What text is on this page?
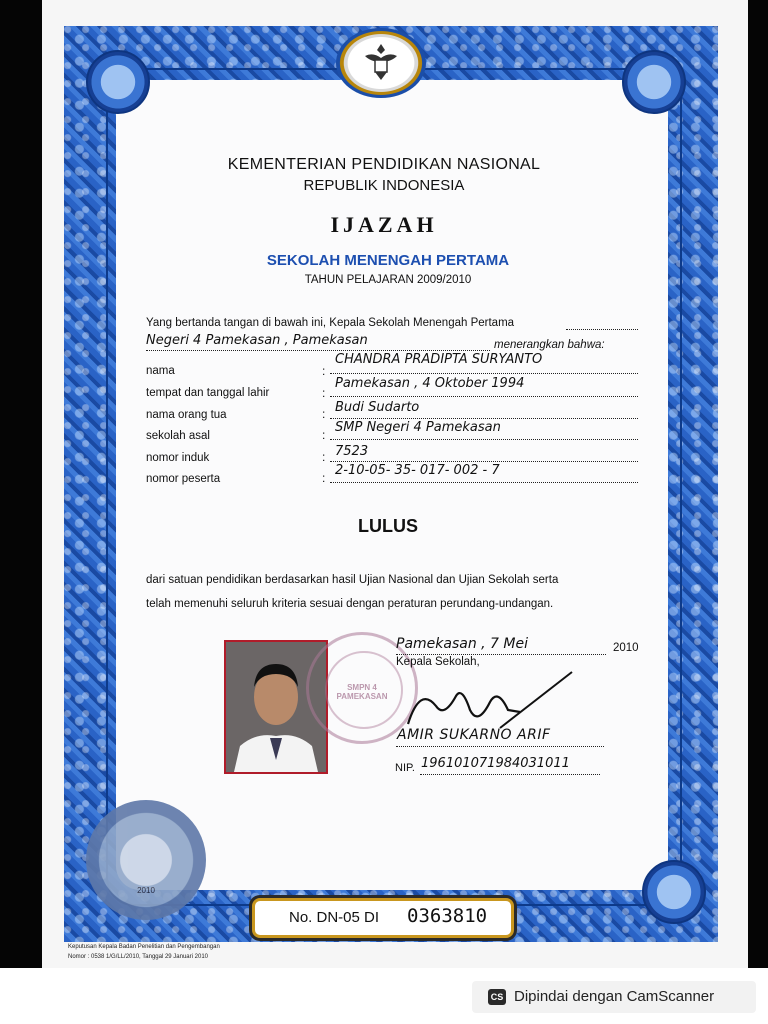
KEMENTERIAN PENDIDIKAN NASIONAL
REPUBLIK INDONESIA
IJAZAH
SEKOLAH MENENGAH PERTAMA
TAHUN PELAJARAN 2009/2010
Yang bertanda tangan di bawah ini, Kepala Sekolah Menengah Pertama
Negeri 4 Pamekasan , Pamekasan	menerangkan bahwa:
nama	:
CHANDRA PRADIPTA SURYANTO
tempat dan tanggal lahir	:
Pamekasan , 4 Oktober 1994
nama orang tua	: Budi Sudarto
sekolah asal	: SMP Negeri 4 Pamekasan
nomor induk	: 7523
nomor peserta	: 2-10-05- 35- 017- 002 - 7
LULUS
dari satuan pendidikan berdasarkan hasil Ujian Nasional dan Ujian Sekolah serta
telah memenuhi seluruh kriteria sesuai dengan peraturan perundang-undangan.
SMPN 4
PAMEKASAN
Pamekasan , 7 Mei	2010
Kepala Sekolah,
AMIR SUKARNO ARIF
NIP. 196101071984031011
2010
No. DN-05 DI 0363810
Keputusan Kepala Badan Penelitian dan Pengembangan
Nomor : 0538 1/G/LL/2010, Tanggal 29 Januari 2010
CS Dipindai dengan CamScanner
